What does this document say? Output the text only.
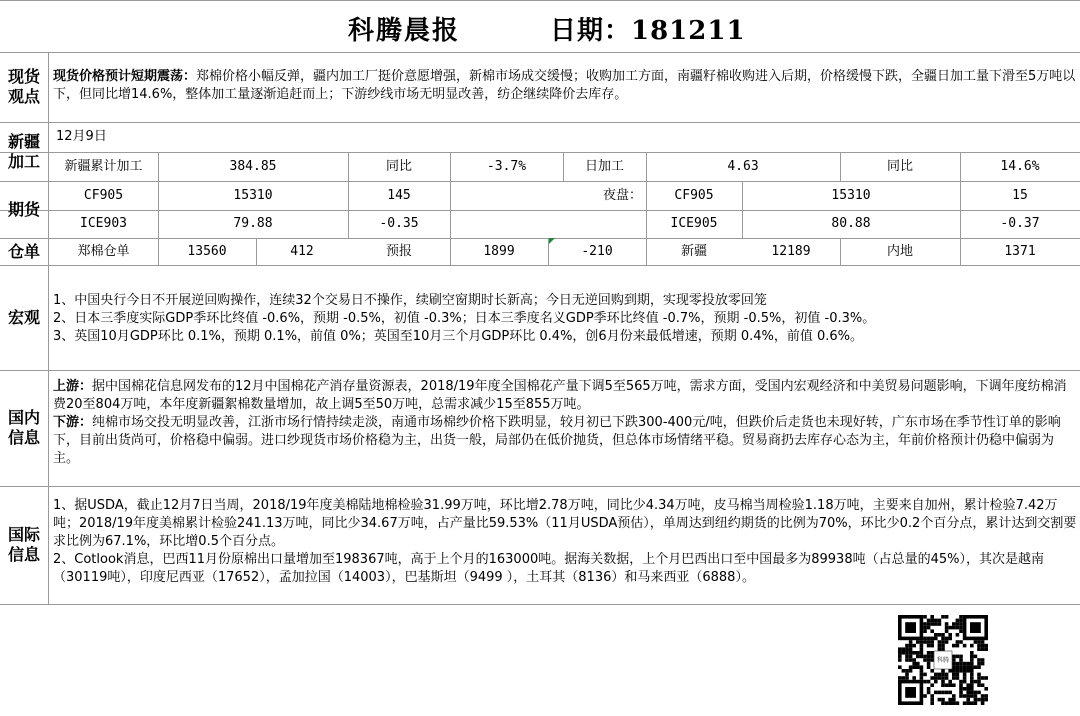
科腾晨报	日期：181211
现货观点
现货价格预计短期震荡：郑棉价格小幅反弹，疆内加工厂挺价意愿增强，新棉市场成交缓慢；收购加工方面，南疆籽棉收购进入后期，价格缓慢下跌，全疆日加工量下滑至5万吨以下，但同比增14.6%，整体加工量逐渐追赶而上；下游纱线市场无明显改善，纺企继续降价去库存。
新疆加工
12月9日
新疆累计加工	384.85	同比	-3.7%	日加工	4.63	同比	14.6%
期货
CF905	15310	145	夜盘：	CF905	15310	15
ICE903	79.88	-0.35	ICE905	80.88	-0.37
仓单	郑棉仓单	13560	412	预报	1899	-210	新疆	12189	内地	1371
宏观
1、中国央行今日不开展逆回购操作，连续32个交易日不操作，续刷空窗期时长新高；今日无逆回购到期，实现零投放零回笼
2、日本三季度实际GDP季环比终值 -0.6%，预期 -0.5%，初值 -0.3%；日本三季度名义GDP季环比终值 -0.7%，预期 -0.5%，初值 -0.3%。
3、英国10月GDP环比 0.1%，预期 0.1%，前值 0%；英国至10月三个月GDP环比 0.4%，创6月份来最低增速，预期 0.4%，前值 0.6%。
国内信息
上游：据中国棉花信息网发布的12月中国棉花产消存量资源表，2018/19年度全国棉花产量下调5至565万吨，需求方面，受国内宏观经济和中美贸易问题影响，下调年度纺棉消费20至804万吨，本年度新疆絮棉数量增加，故上调5至50万吨，总需求减少15至855万吨。
下游：纯棉市场交投无明显改善，江浙市场行情持续走淡，南通市场棉纱价格下跌明显，较月初已下跌300-400元/吨，但跌价后走货也未现好转，广东市场在季节性订单的影响下，目前出货尚可，价格稳中偏弱。进口纱现货市场价格稳为主，出货一般，局部仍在低价抛货，但总体市场情绪平稳。贸易商扔去库存心态为主，年前价格预计仍稳中偏弱为主。
国际信息
1、据USDA，截止12月7日当周，2018/19年度美棉陆地棉检验31.99万吨，环比增2.78万吨，同比少4.34万吨，皮马棉当周检验1.18万吨，主要来自加州，累计检验7.42万吨；2018/19年度美棉累计检验241.13万吨，同比少34.67万吨，占产量比59.53%（11月USDA预估），单周达到纽约期货的比例为70%，环比少0.2个百分点，累计达到交割要求比例为67.1%，环比增0.5个百分点。
2、Cotlook消息，巴西11月份原棉出口量增加至198367吨，高于上个月的163000吨。据海关数据，上个月巴西出口至中国最多为89938吨（占总量的45%），其次是越南（30119吨），印度尼西亚（17652），孟加拉国（14003），巴基斯坦（9499 ），土耳其（8136）和马来西亚（6888）。
科腾
